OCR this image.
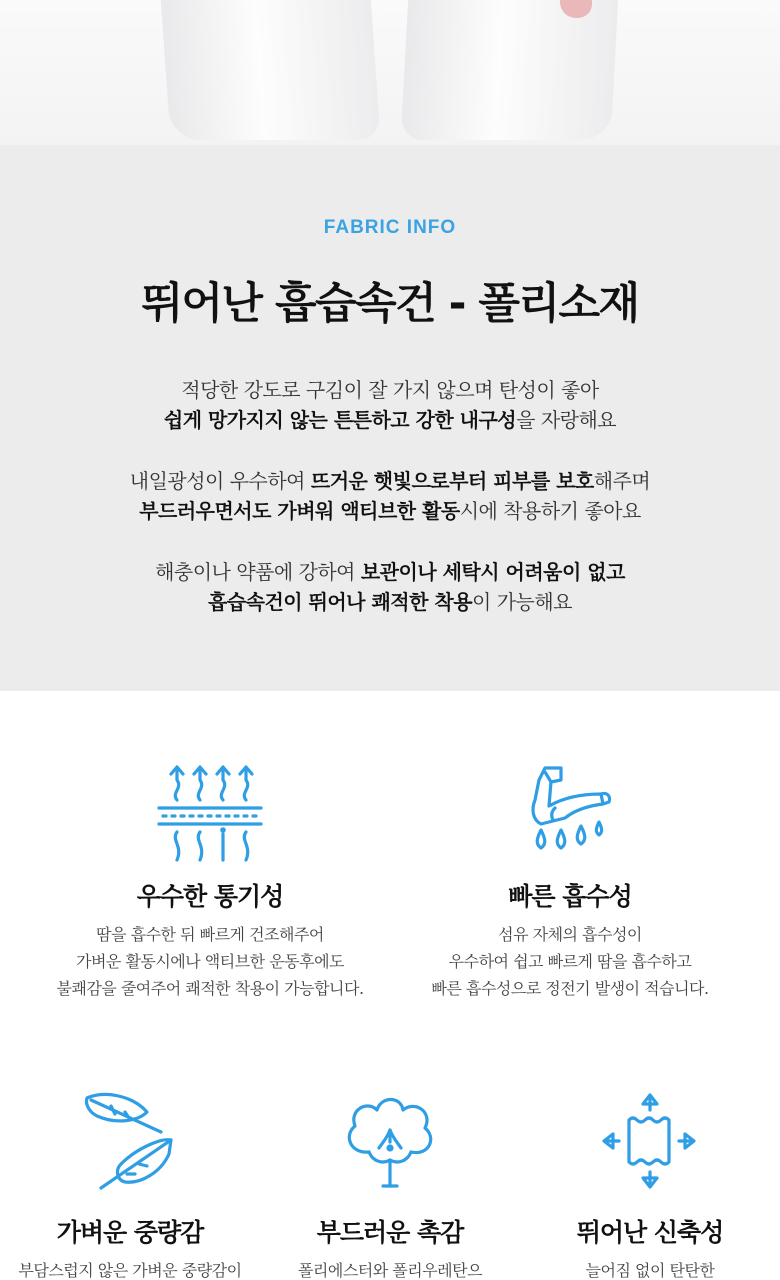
FABRIC INFO
뛰어난 흡습속건 - 폴리소재
적당한 강도로 구김이 잘 가지 않으며 탄성이 좋아
쉽게 망가지지 않는 튼튼하고 강한 내구성을 자랑해요
내일광성이 우수하여 뜨거운 햇빛으로부터 피부를 보호해주며
부드러우면서도 가벼워 액티브한 활동시에 착용하기 좋아요
해충이나 약품에 강하여 보관이나 세탁시 어려움이 없고
흡습속건이 뛰어나 쾌적한 착용이 가능해요
우수한 통기성
땀을 흡수한 뒤 빠르게 건조해주어
가벼운 활동시에나 액티브한 운동후에도
불쾌감을 줄여주어 쾌적한 착용이 가능합니다.
빠른 흡수성
섬유 자체의 흡수성이
우수하여 쉽고 빠르게 땀을 흡수하고
빠른 흡수성으로 정전기 발생이 적습니다.
가벼운 중량감
부담스럽지 않은 가벼운 중량감이
부드러운 촉감
폴리에스터와 폴리우레탄으
뛰어난 신축성
늘어짐 없이 탄탄한
